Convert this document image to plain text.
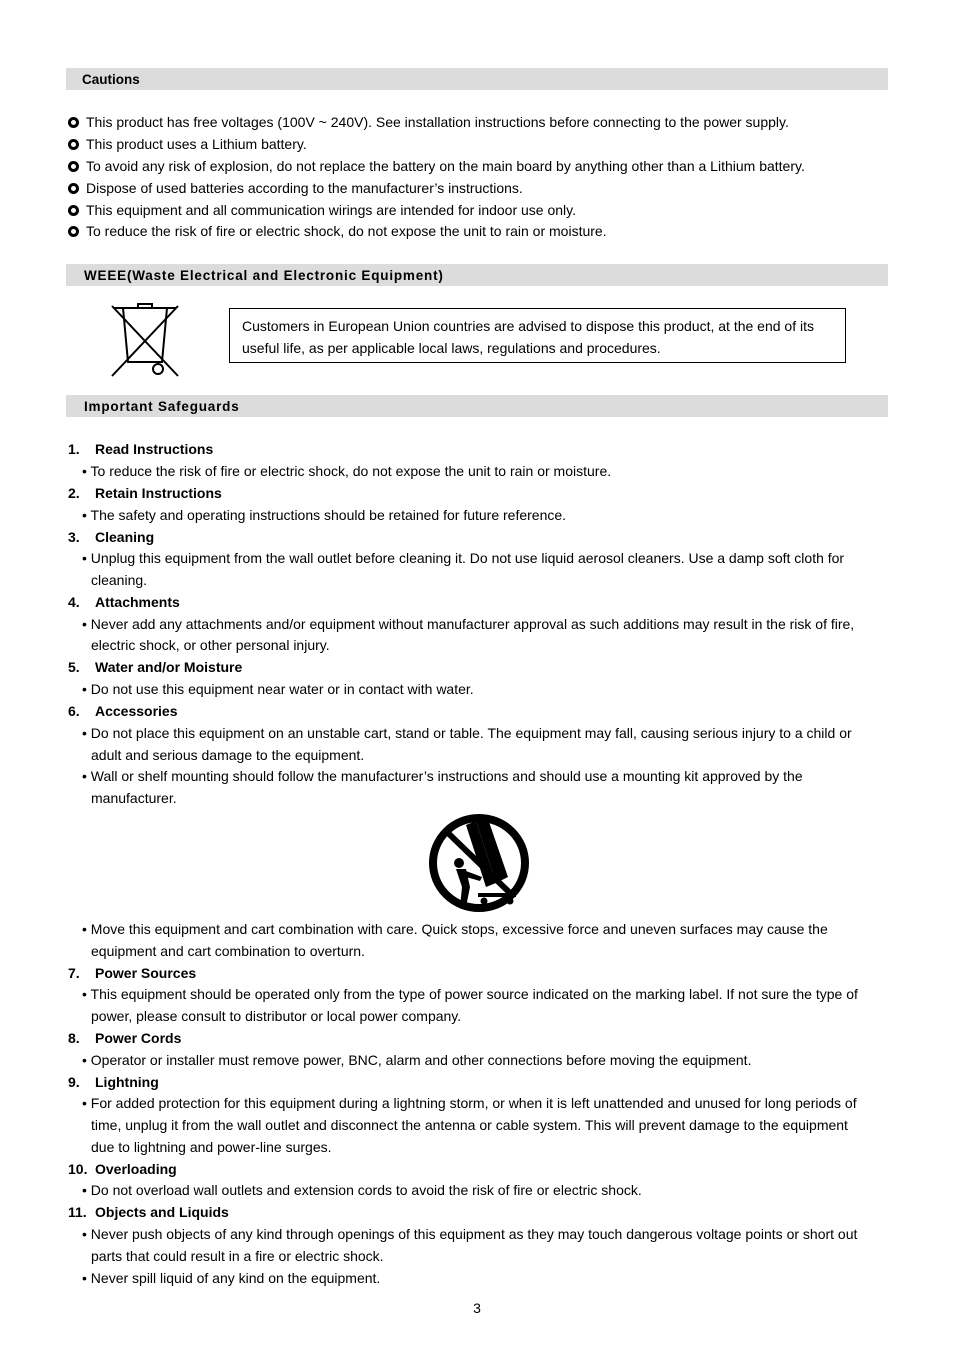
Cautions
This product has free voltages (100V ~ 240V). See installation instructions before connecting to the power supply.
This product uses a Lithium battery.
To avoid any risk of explosion, do not replace the battery on the main board by anything other than a Lithium battery.
Dispose of used batteries according to the manufacturer’s instructions.
This equipment and all communication wirings are intended for indoor use only.
To reduce the risk of fire or electric shock, do not expose the unit to rain or moisture.
WEEE(Waste Electrical and Electronic Equipment)
Customers in European Union countries are advised to dispose this product, at the end of its
useful life, as per applicable local laws, regulations and procedures.
Important Safeguards
1. Read Instructions
• To reduce the risk of fire or electric shock, do not expose the unit to rain or moisture.
2. Retain Instructions
• The safety and operating instructions should be retained for future reference.
3. Cleaning
• Unplug this equipment from the wall outlet before cleaning it. Do not use liquid aerosol cleaners. Use a damp soft cloth for
cleaning.
4. Attachments
• Never add any attachments and/or equipment without manufacturer approval as such additions may result in the risk of fire,
electric shock, or other personal injury.
5. Water and/or Moisture
• Do not use this equipment near water or in contact with water.
6. Accessories
• Do not place this equipment on an unstable cart, stand or table. The equipment may fall, causing serious injury to a child or
adult and serious damage to the equipment.
• Wall or shelf mounting should follow the manufacturer’s instructions and should use a mounting kit approved by the
manufacturer.
• Move this equipment and cart combination with care. Quick stops, excessive force and uneven surfaces may cause the
equipment and cart combination to overturn.
7. Power Sources
• This equipment should be operated only from the type of power source indicated on the marking label. If not sure the type of
power, please consult to distributor or local power company.
8. Power Cords
• Operator or installer must remove power, BNC, alarm and other connections before moving the equipment.
9. Lightning
• For added protection for this equipment during a lightning storm, or when it is left unattended and unused for long periods of
time, unplug it from the wall outlet and disconnect the antenna or cable system. This will prevent damage to the equipment
due to lightning and power-line surges.
10. Overloading
• Do not overload wall outlets and extension cords to avoid the risk of fire or electric shock.
11. Objects and Liquids
• Never push objects of any kind through openings of this equipment as they may touch dangerous voltage points or short out
parts that could result in a fire or electric shock.
• Never spill liquid of any kind on the equipment.
3
